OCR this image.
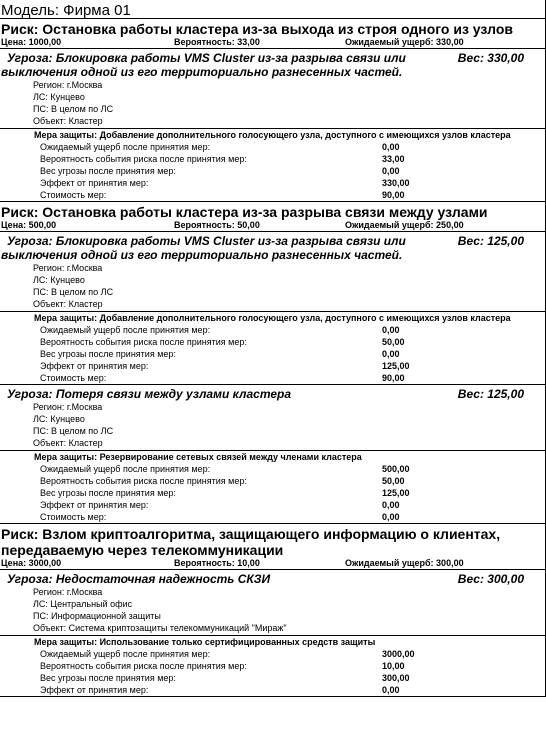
Модель: Фирма 01
Риск: Остановка работы кластера из-за выхода из строя одного из узлов
Цена: 1000,00	Вероятность: 33,00	Ожидаемый ущерб: 330,00
Угроза: Блокировка работы VMS Cluster из-за разрыва связи или выключения одной из его территориально разнесенных частей.
Вес: 330,00
Регион: г.Москва
ЛС: Кунцево
ПС: В целом по ЛС
Объект: Кластер
Мера защиты: Добавление дополнительного голосующего узла, доступного с имеющихся узлов кластера
Ожидаемый ущерб после принятия мер:	0,00
Вероятность события риска после принятия мер:	33,00
Вес угрозы после принятия мер:	0,00
Эффект от принятия мер:	330,00
Стоимость мер:	90,00
Риск: Остановка работы кластера из-за разрыва связи между узлами
Цена: 500,00	Вероятность: 50,00	Ожидаемый ущерб: 250,00
Угроза: Блокировка работы VMS Cluster из-за разрыва связи или выключения одной из его территориально разнесенных частей.
Вес: 125,00
Регион: г.Москва
ЛС: Кунцево
ПС: В целом по ЛС
Объект: Кластер
Мера защиты: Добавление дополнительного голосующего узла, доступного с имеющихся узлов кластера
Ожидаемый ущерб после принятия мер:	0,00
Вероятность события риска после принятия мер:	50,00
Вес угрозы после принятия мер:	0,00
Эффект от принятия мер:	125,00
Стоимость мер:	90,00
Угроза: Потеря связи между узлами кластера	Вес: 125,00
Регион: г.Москва
ЛС: Кунцево
ПС: В целом по ЛС
Объект: Кластер
Мера защиты: Резервирование сетевых связей между членами кластера
Ожидаемый ущерб после принятия мер:	500,00
Вероятность события риска после принятия мер:	50,00
Вес угрозы после принятия мер:	125,00
Эффект от принятия мер:	0,00
Стоимость мер:	0,00
Риск: Взлом криптоалгоритма, защищающего информацию о клиентах, передаваемую через телекоммуникации
Цена: 3000,00	Вероятность: 10,00	Ожидаемый ущерб: 300,00
Угроза: Недостаточная надежность СКЗИ	Вес: 300,00
Регион: г.Москва
ЛС: Центральный офис
ПС: Информационной защиты
Объект: Система криптозащиты телекоммуникаций "Мираж"
Мера защиты: Использование только сертифицированных средств защиты
Ожидаемый ущерб после принятия мер:	3000,00
Вероятность события риска после принятия мер:	10,00
Вес угрозы после принятия мер:	300,00
Эффект от принятия мер:	0,00
